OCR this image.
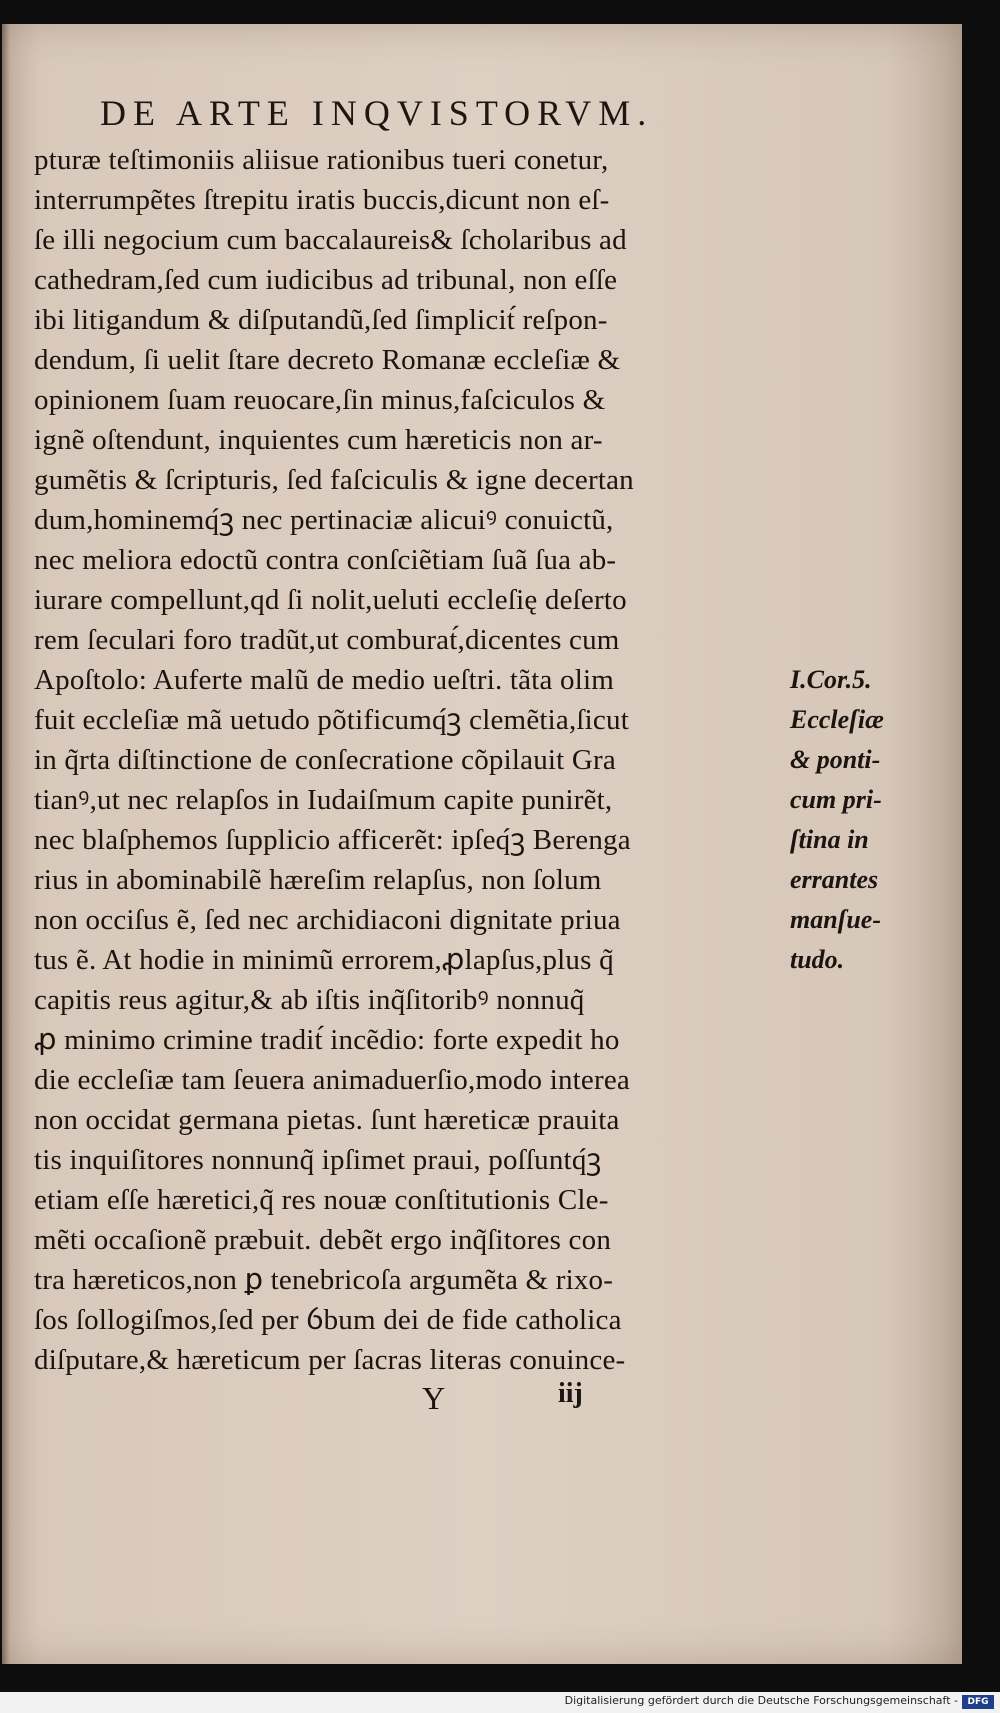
DE ARTE INQVISTORVM.
pturæ teſtimoniis aliisue rationibus tueri conetur,
interrumpẽtes ſtrepitu iratis buccis,dicunt non eſ-
ſe illi negocium cum baccalaureis& ſcholaribus ad
cathedram,ſed cum iudicibus ad tribunal, non eſſe
ibi litigandum & diſputandũ,ſed ſimplicit́ reſpon-
dendum, ſi uelit ſtare decreto Romanæ eccleſiæ &
opinionem ſuam reuocare,ſin minus,faſciculos &
ignẽ oſtendunt, inquientes cum hæreticis non ar-
gumẽtis & ſcripturis, ſed faſciculis & igne decertan
dum,hominemq́ꝫ nec pertinaciæ alicuiꝰ conuictũ,
nec meliora edoctũ contra conſciẽtiam ſuã ſua ab-
iurare compellunt,qd ſi nolit,ueluti eccleſię deſerto
rem ſeculari foro tradũt,ut comburat́,dicentes cum
Apoſtolo: Auferte malũ de medio ueſtri. tãta olim
fuit eccleſiæ mã uetudo põtificumq́ꝫ clemẽtia,ſicut
in q̃rta diſtinctione de conſecratione cõpilauit Gra
tianꝰ,ut nec relapſos in Iudaiſmum capite punirẽt,
nec blaſphemos ſupplicio afficerẽt: ipſeq́ꝫ Berenga
rius in abominabilẽ hæreſim relapſus, non ſolum
non occiſus ẽ, ſed nec archidiaconi dignitate priua
tus ẽ. At hodie in minimũ errorem,ꝓlapſus,plus q̃
capitis reus agitur,& ab iſtis inq̃ſitoribꝰ nonnuq̃
ꝓ minimo crimine tradit́ incẽdio: forte expedit ho
die eccleſiæ tam ſeuera animaduerſio,modo interea
non occidat germana pietas. ſunt hæreticæ prauita
tis inquiſitores nonnunq̃ ipſimet praui, poſſuntq́ꝫ
etiam eſſe hæretici,q̃ res nouæ conſtitutionis Cle-
mẽti occaſionẽ præbuit. debẽt ergo inq̃ſitores con
tra hæreticos,non ꝑ tenebricoſa argumẽta & rixo-
ſos ſollogiſmos,ſed per ỽbum dei de fide catholica
diſputare,& hæreticum per ſacras literas conuince-
I.Cor.5.
Eccleſiæ
& ponti-
cum pri-
ſtina in
errantes
manſue-
tudo.
Y	iij
Digitalisierung gefördert durch die Deutsche Forschungsgemeinschaft -	DFG
